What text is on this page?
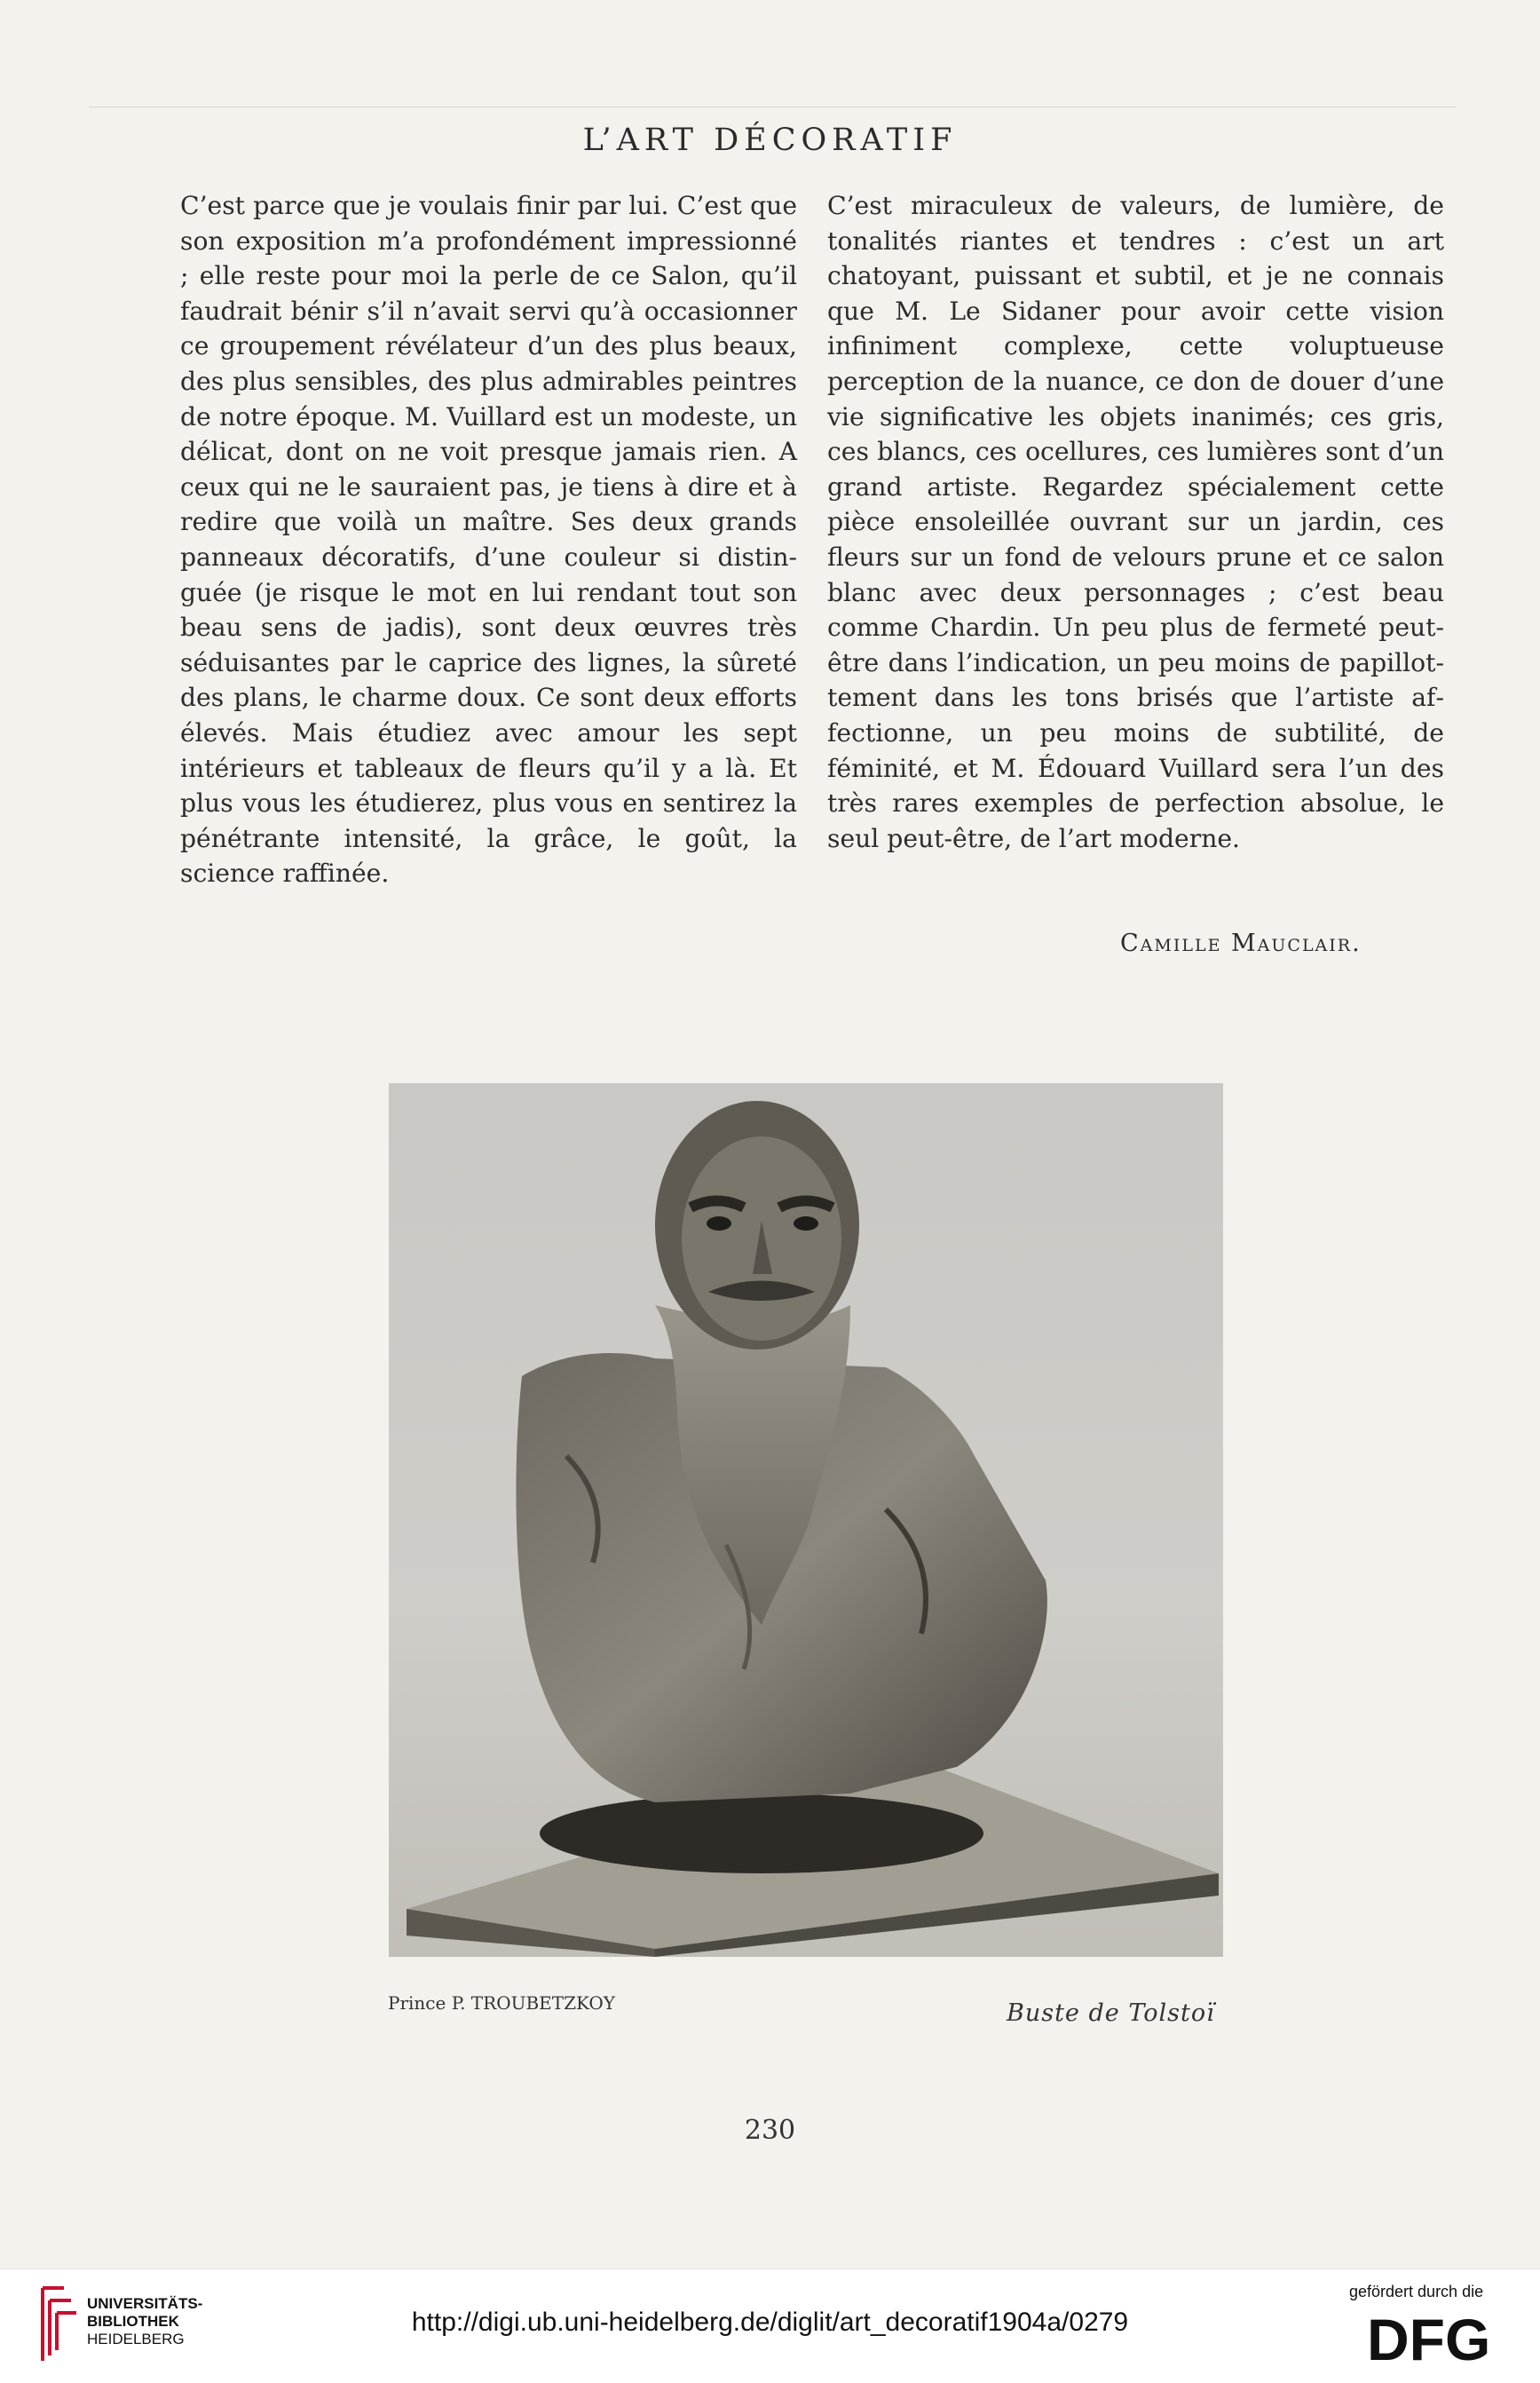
L’ART DÉCORATIF

C’est parce que je voulais finir par lui. C’est que son exposition m’a profondément impressionné ; elle reste pour moi la perle de ce Salon, qu’il faudrait bénir s’il n’avait servi qu’à occasionner ce groupement révélateur d’un des plus beaux, des plus sensibles, des plus admirables peintres de notre époque. M. Vuillard est un modeste, un délicat, dont on ne voit presque jamais rien. A ceux qui ne le sauraient pas, je tiens à dire et à redire que voilà un maître. Ses deux grands panneaux décoratifs, d’une couleur si distinguée (je risque le mot en lui rendant tout son beau sens de jadis), sont deux œuvres très séduisantes par le caprice des lignes, la sûreté des plans, le charme doux. Ce sont deux efforts élevés. Mais étudiez avec amour les sept intérieurs et tableaux de fleurs qu’il y a là. Et plus vous les étudierez, plus vous en sentirez la pénétrante intensité, la grâce, le goût, la science raffinée.

C’est miraculeux de valeurs, de lumière, de tonalités riantes et tendres : c’est un art chatoyant, puissant et subtil, et je ne connais que M. Le Sidaner pour avoir cette vision infiniment complexe, cette voluptueuse perception de la nuance, ce don de douer d’une vie significative les objets inanimés; ces gris, ces blancs, ces ocellures, ces lumières sont d’un grand artiste. Regardez spécialement cette pièce ensoleillée ouvrant sur un jardin, ces fleurs sur un fond de velours prune et ce salon blanc avec deux personnages ; c’est beau comme Chardin. Un peu plus de fermeté peut-être dans l’indication, un peu moins de papillottement dans les tons brisés que l’artiste affectionne, un peu moins de subtilité, de féminité, et M. Édouard Vuillard sera l’un des très rares exemples de perfection absolue, le seul peut-être, de l’art moderne.

Camille Mauclair.
Prince P. TROUBETZKOY	Buste de Tolstoï
230
UNIVERSITÄTS-
BIBLIOTHEK
HEIDELBERG
http://digi.ub.uni-heidelberg.de/diglit/art_decoratif1904a/0279
gefördert durch die
DFG
